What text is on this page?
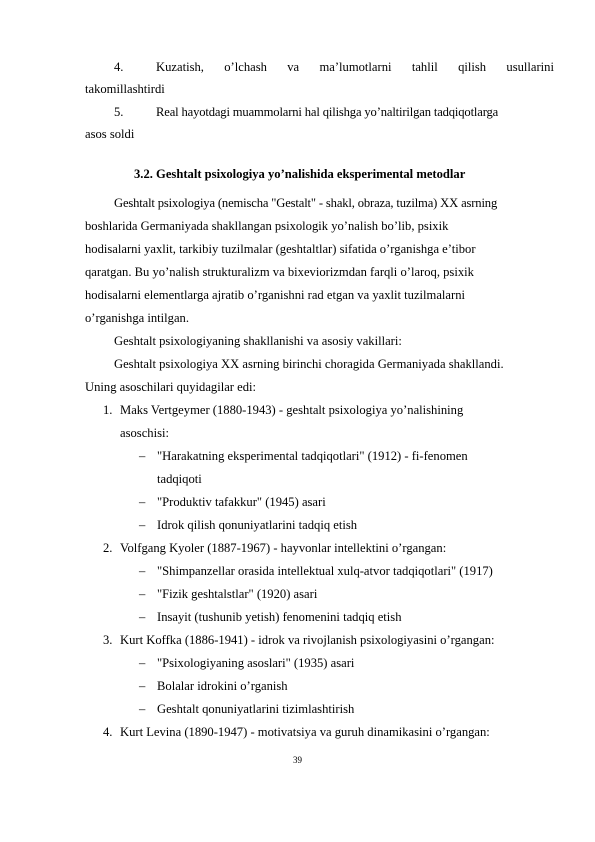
4.	Kuzatish, o’lchash va ma’lumotlarni tahlil qilish usullarini
takomillashtirdi
5.	Real hayotdagi muammolarni hal qilishga yo’naltirilgan tadqiqotlarga
asos soldi
3.2. Geshtalt psixologiya yo’nalishida eksperimental metodlar
Geshtalt psixologiya (nemischa "Gestalt" - shakl, obraza, tuzilma) XX asrning
boshlarida Germaniyada shakllangan psixologik yo’nalish bo’lib, psixik
hodisalarni yaxlit, tarkibiy tuzilmalar (geshtaltlar) sifatida o’rganishga e’tibor
qaratgan. Bu yo’nalish strukturalizm va bixeviorizmdan farqli o’laroq, psixik
hodisalarni elementlarga ajratib o’rganishni rad etgan va yaxlit tuzilmalarni
o’rganishga intilgan.
Geshtalt psixologiyaning shakllanishi va asosiy vakillari:
Geshtalt psixologiya XX asrning birinchi choragida Germaniyada shakllandi.
Uning asoschilari quyidagilar edi:
1. Maks Vertgeymer (1880-1943) - geshtalt psixologiya yo’nalishining
asoschisi:
– "Harakatning eksperimental tadqiqotlari" (1912) - fi-fenomen
tadqiqoti
– "Produktiv tafakkur" (1945) asari
– Idrok qilish qonuniyatlarini tadqiq etish
2. Volfgang Kyoler (1887-1967) - hayvonlar intellektini o’rgangan:
– "Shimpanzellar orasida intellektual xulq-atvor tadqiqotlari" (1917)
– "Fizik geshtalstlar" (1920) asari
– Insayit (tushunib yetish) fenomenini tadqiq etish
3. Kurt Koffka (1886-1941) - idrok va rivojlanish psixologiyasini o’rgangan:
– "Psixologiyaning asoslari" (1935) asari
– Bolalar idrokini o’rganish
– Geshtalt qonuniyatlarini tizimlashtirish
4. Kurt Levina (1890-1947) - motivatsiya va guruh dinamikasini o’rgangan:
39
